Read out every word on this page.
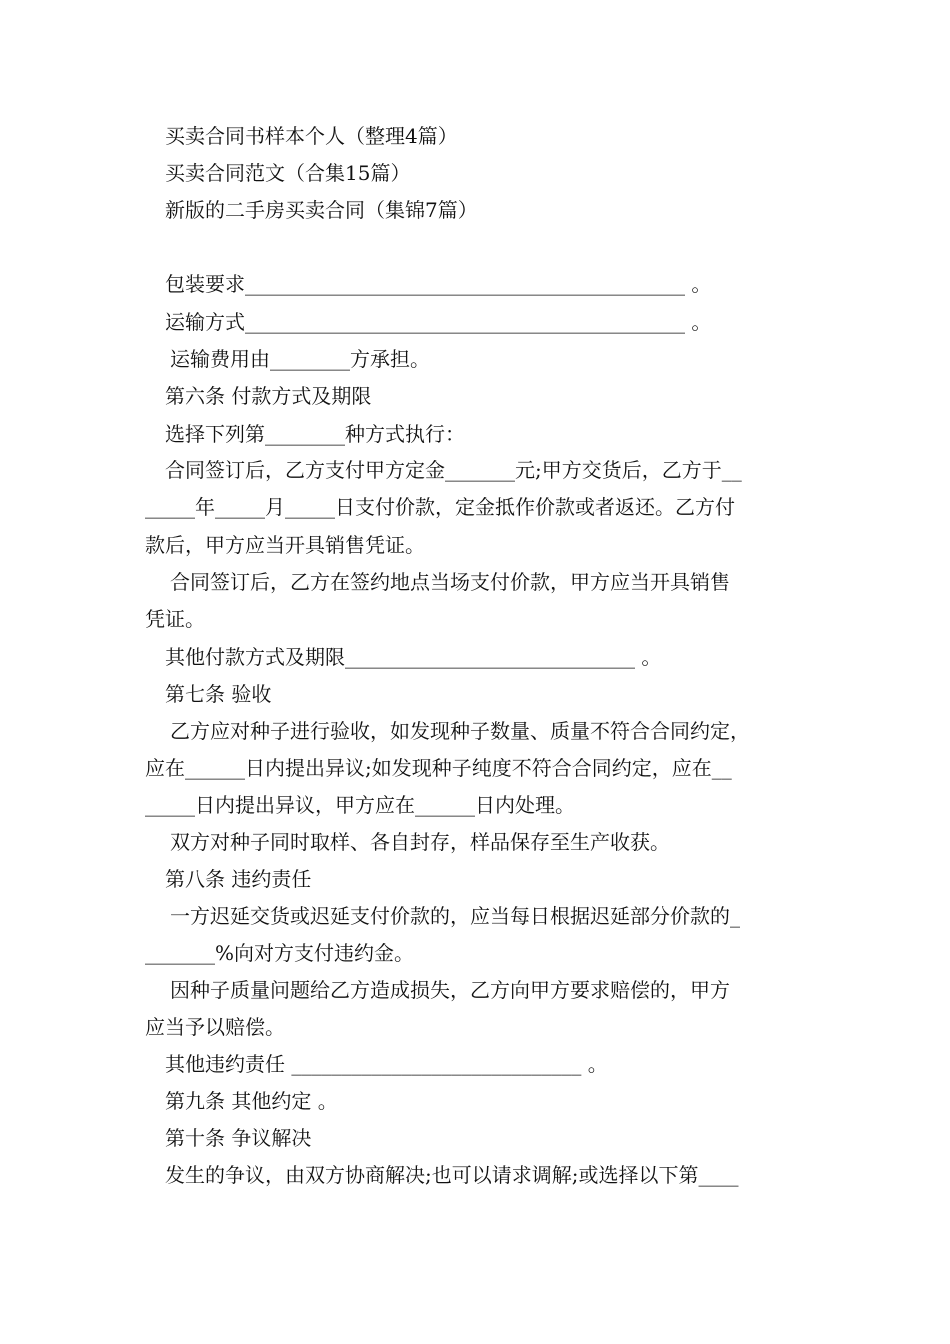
买卖合同书样本个人（整理4篇）
买卖合同范文（合集15篇）
新版的二手房买卖合同（集锦7篇）
包装要求____________________________________________ 。
运输方式____________________________________________ 。
运输费用由________方承担。
第六条 付款方式及期限
选择下列第________种方式执行：
合同签订后，乙方支付甲方定金_______元;甲方交货后，乙方于__
_____年_____月_____日支付价款，定金抵作价款或者返还。乙方付
款后，甲方应当开具销售凭证。
合同签订后，乙方在签约地点当场支付价款，甲方应当开具销售
凭证。
其他付款方式及期限_____________________________ 。
第七条 验收
乙方应对种子进行验收，如发现种子数量、质量不符合合同约定，
应在______日内提出异议;如发现种子纯度不符合合同约定，应在__
_____日内提出异议，甲方应在______日内处理。
双方对种子同时取样、各自封存，样品保存至生产收获。
第八条 违约责任
一方迟延交货或迟延支付价款的，应当每日根据迟延部分价款的_
_______%向对方支付违约金。
因种子质量问题给乙方造成损失，乙方向甲方要求赔偿的，甲方
应当予以赔偿。
其他违约责任 _____________________________ 。
第九条 其他约定 。
第十条 争议解决
发生的争议，由双方协商解决;也可以请求调解;或选择以下第____
